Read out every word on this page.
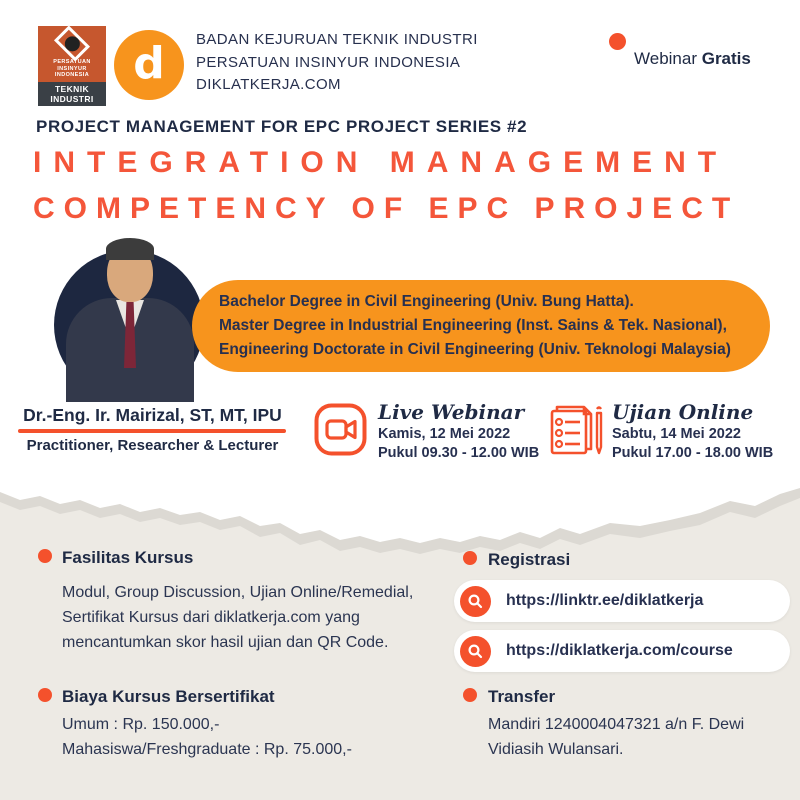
PERSATUAN
INSINYUR
INDONESIA
TEKNIK
INDUSTRI
d BADAN KEJURUAN TEKNIK INDUSTRI
PERSATUAN INSINYUR INDONESIA
DIKLATKERJA.COM
Webinar Gratis
PROJECT MANAGEMENT FOR EPC PROJECT SERIES #2
INTEGRATION MANAGEMENT
COMPETENCY OF EPC PROJECT
Bachelor Degree in Civil Engineering (Univ. Bung Hatta).
Master Degree in Industrial Engineering (Inst. Sains & Tek. Nasional),
Engineering Doctorate in Civil Engineering (Univ. Teknologi Malaysia)
Dr.-Eng. Ir. Mairizal, ST, MT, IPU
Practitioner, Researcher & Lecturer
Live Webinar
Kamis, 12 Mei 2022
Pukul 09.30 - 12.00 WIB
Ujian Online
Sabtu, 14 Mei 2022
Pukul 17.00 - 18.00 WIB
Fasilitas Kursus
Modul, Group Discussion, Ujian Online/Remedial, Sertifikat Kursus dari diklatkerja.com yang mencantumkan skor hasil ujian dan QR Code.
Biaya Kursus Bersertifikat
Umum : Rp. 150.000,-
Mahasiswa/Freshgraduate : Rp. 75.000,-
Registrasi
https://linktr.ee/diklatkerja
https://diklatkerja.com/course
Transfer
Mandiri 1240004047321 a/n F. Dewi Vidiasih Wulansari.
